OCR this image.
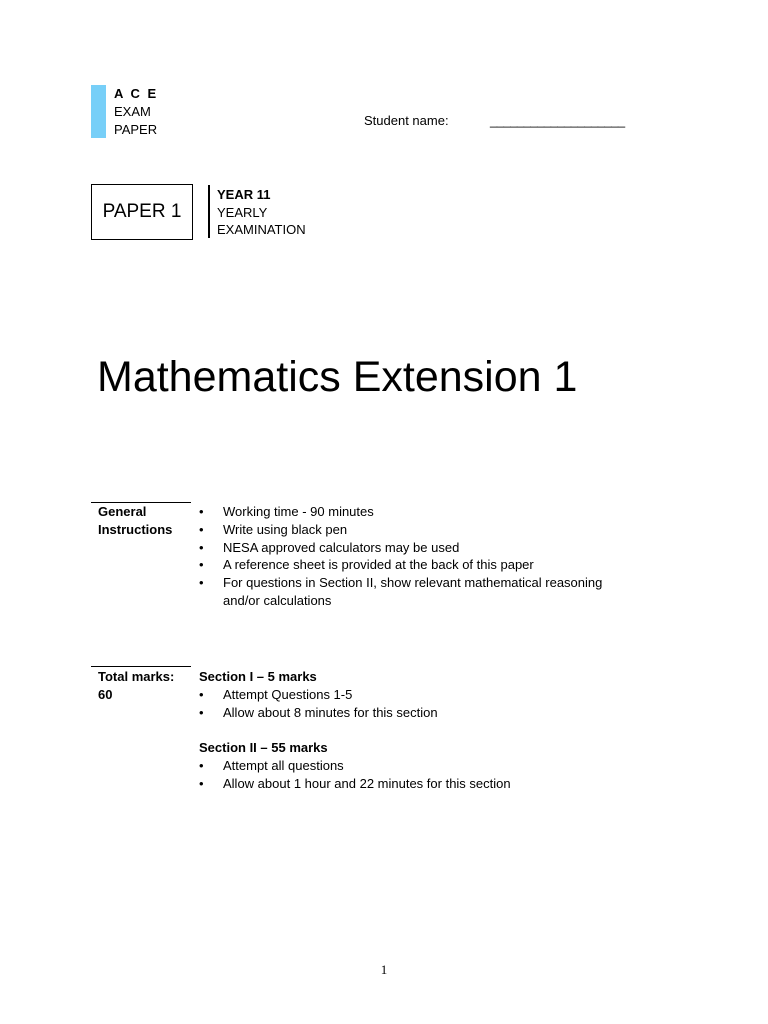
A C E
EXAM
PAPER
Student name:	____________________
PAPER 1
YEAR 11
YEARLY
EXAMINATION
Mathematics Extension 1
General
Instructions
• Working time - 90 minutes
• Write using black pen
• NESA approved calculators may be used
• A reference sheet is provided at the back of this paper
• For questions in Section II, show relevant mathematical reasoning and/or calculations
Total marks:
60
Section I – 5 marks
• Attempt Questions 1-5
• Allow about 8 minutes for this section
Section II – 55 marks
• Attempt all questions
• Allow about 1 hour and 22 minutes for this section
1
